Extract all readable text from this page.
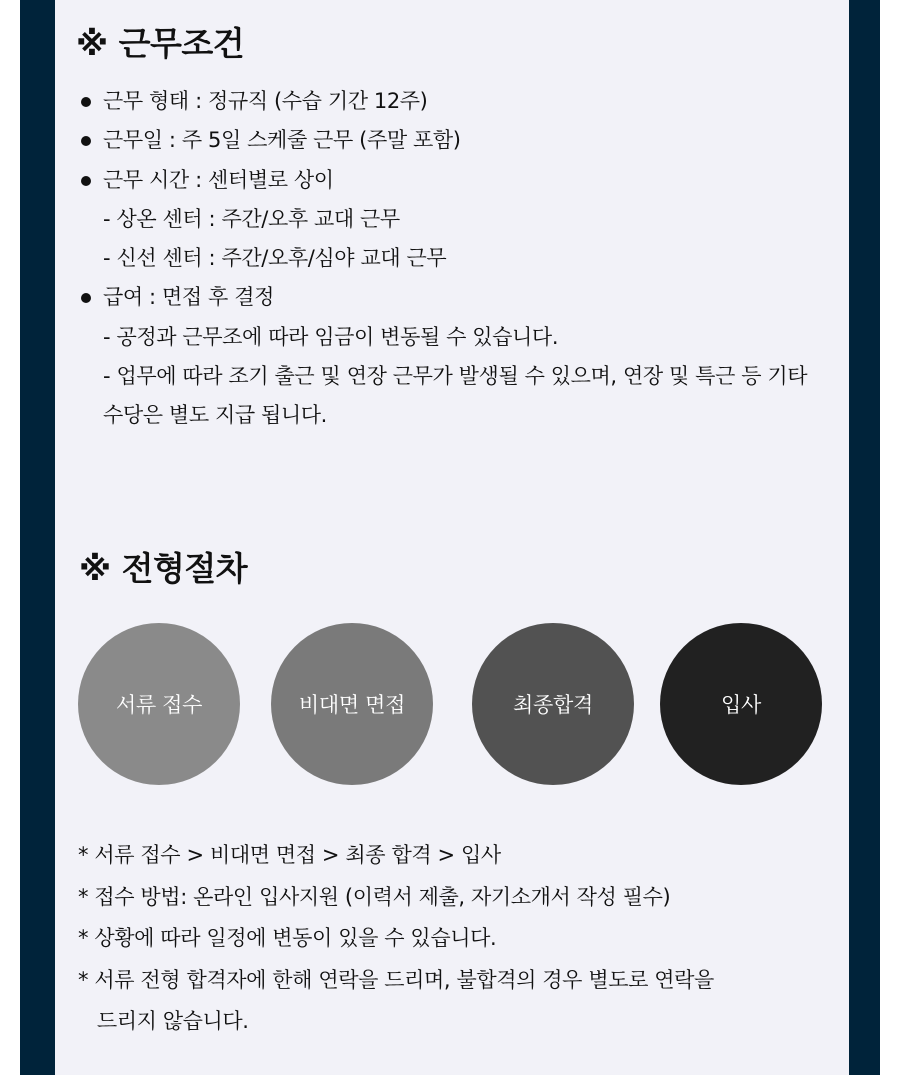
※ 근무조건
근무 형태 : 정규직 (수습 기간 12주)
근무일 : 주 5일 스케줄 근무 (주말 포함)
근무 시간 : 센터별로 상이
- 상온 센터 : 주간/오후 교대 근무
- 신선 센터 : 주간/오후/심야 교대 근무
급여 : 면접 후 결정
- 공정과 근무조에 따라 임금이 변동될 수 있습니다.
- 업무에 따라 조기 출근 및 연장 근무가 발생될 수 있으며, 연장 및 특근 등 기타
수당은 별도 지급 됩니다.
※ 전형절차
서류 접수	비대면 면접	최종합격	입사
* 서류 접수 > 비대면 면접 > 최종 합격 > 입사
* 접수 방법: 온라인 입사지원 (이력서 제출, 자기소개서 작성 필수)
* 상황에 따라 일정에 변동이 있을 수 있습니다.
* 서류 전형 합격자에 한해 연락을 드리며, 불합격의 경우 별도로 연락을
드리지 않습니다.
